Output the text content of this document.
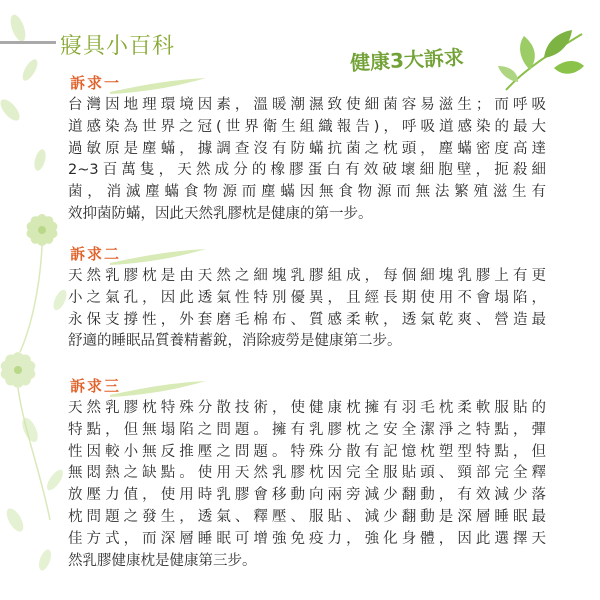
寢具小百科	健康3大訴求
訴求一
台灣因地理環境因素，溫暖潮濕致使細菌容易滋生；而呼吸
道感染為世界之冠(世界衛生組織報告)，呼吸道感染的最大
過敏原是塵蟎，據調查沒有防蟎抗菌之枕頭，塵蟎密度高達
2~3百萬隻，天然成分的橡膠蛋白有效破壞細胞壁，扼殺細
菌，消滅塵蟎食物源而塵蟎因無食物源而無法繁殖滋生有
效抑菌防蟎，因此天然乳膠枕是健康的第一步。
訴求二
天然乳膠枕是由天然之細塊乳膠組成，每個細塊乳膠上有更
小之氣孔，因此透氣性特別優異，且經長期使用不會塌陷，
永保支撐性，外套磨毛棉布、質感柔軟，透氣乾爽、營造最
舒適的睡眠品質養精蓄銳，消除疲勞是健康第二步。
訴求三
天然乳膠枕特殊分散技術，使健康枕擁有羽毛枕柔軟服貼的
特點，但無塌陷之問題。擁有乳膠枕之安全潔淨之特點，彈
性因較小無反推壓之問題。特殊分散有記憶枕塑型特點，但
無悶熱之缺點。使用天然乳膠枕因完全服貼頭、頸部完全釋
放壓力值，使用時乳膠會移動向兩旁減少翻動，有效減少落
枕問題之發生，透氣、釋壓、服貼、減少翻動是深層睡眠最
佳方式，而深層睡眠可增強免疫力，強化身體，因此選擇天
然乳膠健康枕是健康第三步。
